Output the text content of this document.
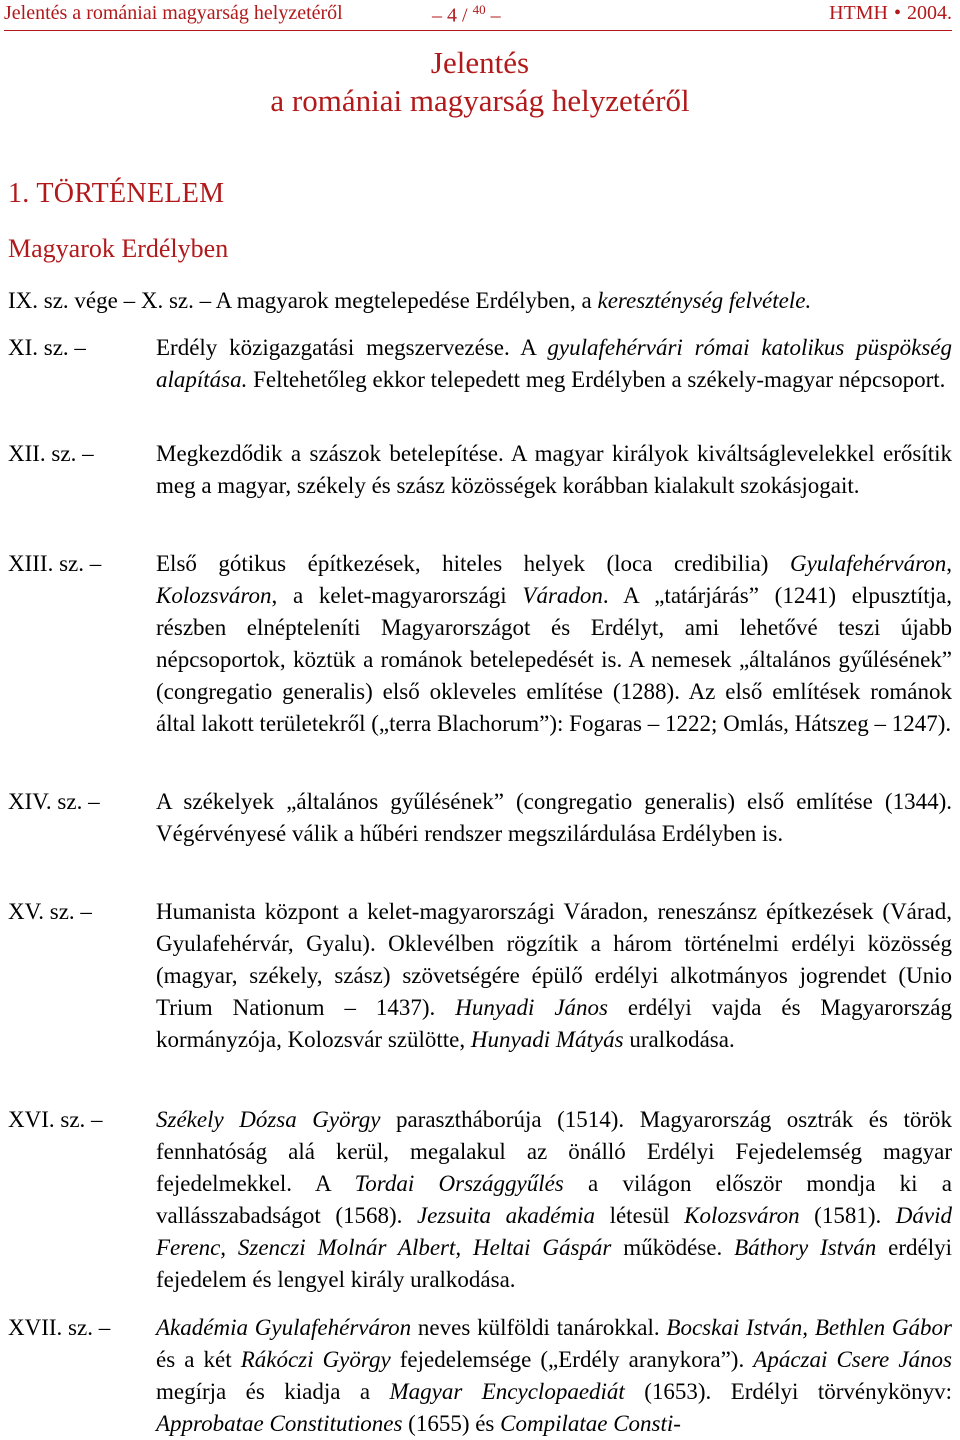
Jelentés a romániai magyarság helyzetéről	– 4 / $^{40}$ –	HTMH • 2004.
Jelentés
a romániai magyarság helyzetéről
1. TÖRTÉNELEM
Magyarok Erdélyben
IX. sz. vége – X. sz. – A magyarok megtelepedése Erdélyben, a kereszténység felvétele.
XI. sz. –	Erdély közigazgatási megszervezése. A gyulafehérvári római katolikus püspökség alapítása. Feltehetőleg ekkor telepedett meg Erdélyben a székely-magyar népcsoport.
XII. sz. –	Megkezdődik a szászok betelepítése. A magyar királyok kiváltságlevelekkel erősítik meg a magyar, székely és szász közösségek korábban kialakult szokásjogait.
XIII. sz. –	Első gótikus építkezések, hiteles helyek (loca credibilia) Gyulafehérváron, Kolozsváron, a kelet-magyarországi Váradon. A „tatárjárás” (1241) elpusztítja, részben elnépteleníti Magyarországot és Erdélyt, ami lehetővé teszi újabb népcsoportok, köztük a románok betelepedését is. A nemesek „általános gyűlésének” (congregatio generalis) első okleveles említése (1288). Az első említések románok által lakott területekről („terra Blachorum”): Fogaras – 1222; Omlás, Hátszeg – 1247).
XIV. sz. –	A székelyek „általános gyűlésének” (congregatio generalis) első említése (1344). Végérvényesé válik a hűbéri rendszer megszilárdulása Erdélyben is.
XV. sz. –	Humanista központ a kelet-magyarországi Váradon, reneszánsz építkezések (Várad, Gyulafehérvár, Gyalu). Oklevélben rögzítik a három történelmi erdélyi közösség (magyar, székely, szász) szövetségére épülő erdélyi alkotmányos jogrendet (Unio Trium Nationum – 1437). Hunyadi János erdélyi vajda és Magyarország kormányzója, Kolozsvár szülötte, Hunyadi Mátyás uralkodása.
XVI. sz. –	Székely Dózsa György parasztháborúja (1514). Magyarország osztrák és török fennhatóság alá kerül, megalakul az önálló Erdélyi Fejedelemség magyar fejedelmekkel. A Tordai Országgyűlés a világon először mondja ki a vallásszabadságot (1568). Jezsuita akadémia létesül Kolozsváron (1581). Dávid Ferenc, Szenczi Molnár Albert, Heltai Gáspár működése. Báthory István erdélyi fejedelem és lengyel király uralkodása.
XVII. sz. –	Akadémia Gyulafehérváron neves külföldi tanárokkal. Bocskai István, Bethlen Gábor és a két Rákóczi György fejedelemsége („Erdély aranykora”). Apáczai Csere János megírja és kiadja a Magyar Encyclopaediát (1653). Erdélyi törvénykönyv: Approbatae Constitutiones (1655) és Compilatae Consti-
